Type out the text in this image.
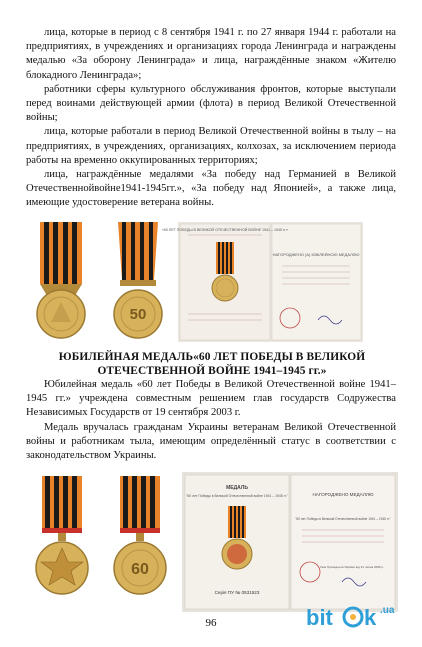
лица, которые в период с 8 сентября 1941 г. по 27 января 1944 г. работали на предприятиях, в учреждениях и организациях города Ленинграда и награждены медалью «За оборону Ленинграда» и лица, награждённые знаком «Жителю блокадного Ленинграда»;

работники сферы культурного обслуживания фронтов, которые выступали перед воинами действующей армии (флота) в период Великой Отечественной войны;

лица, которые работали в период Великой Отечественной войны в тылу – на предприятиях, в учреждениях, организациях, колхозах, за исключением периода работы на временно оккупированных территориях;

лица, награждённые медалями «За победу над Германией в Великой Отечественнойвойне1941-1945гг.», «За победу над Японией», а также лица, имеющие удостоверение ветерана войны.

50
«50 ЛЕТ ПОБЕДЫ В ВЕЛИКОЙ ОТЕЧЕСТВЕННОЙ ВОЙНЕ 1941 – 1945 гг.»
НАГОРОДЖЕНО (А) ЮВІЛЕЙНОЮ МЕДАЛЛЮ
ЮБИЛЕЙНАЯ МЕДАЛЬ«60 ЛЕТ ПОБЕДЫ В ВЕЛИКОЙ ОТЕЧЕСТВЕННОЙ ВОЙНЕ 1941–1945 гг.»

Юбилейная медаль «60 лет Победы в Великой Отечественной войне 1941–1945 гг.» учреждена совместным решением глав государств Содружества Независимых Государств от 19 сентября 2003 г.

Медаль вручалась гражданам Украины ветеранам Великой Отечественной войны и работникам тыла, имеющим определённый статус в соответствии с законодательством Украины.

60
МЕДАЛЬ
"60 лет Победы в Великой Отечественной войне 1941 – 1945 гг."
Серія ПУ № 0531523
НАГОРОДЖЕНО МЕДАЛЛЮ
"60 лет Победы в Великой Отечественной войне 1941 – 1945 гг."
Указ Президента України від 31 липня 2005 р.
bit k .ua
96
